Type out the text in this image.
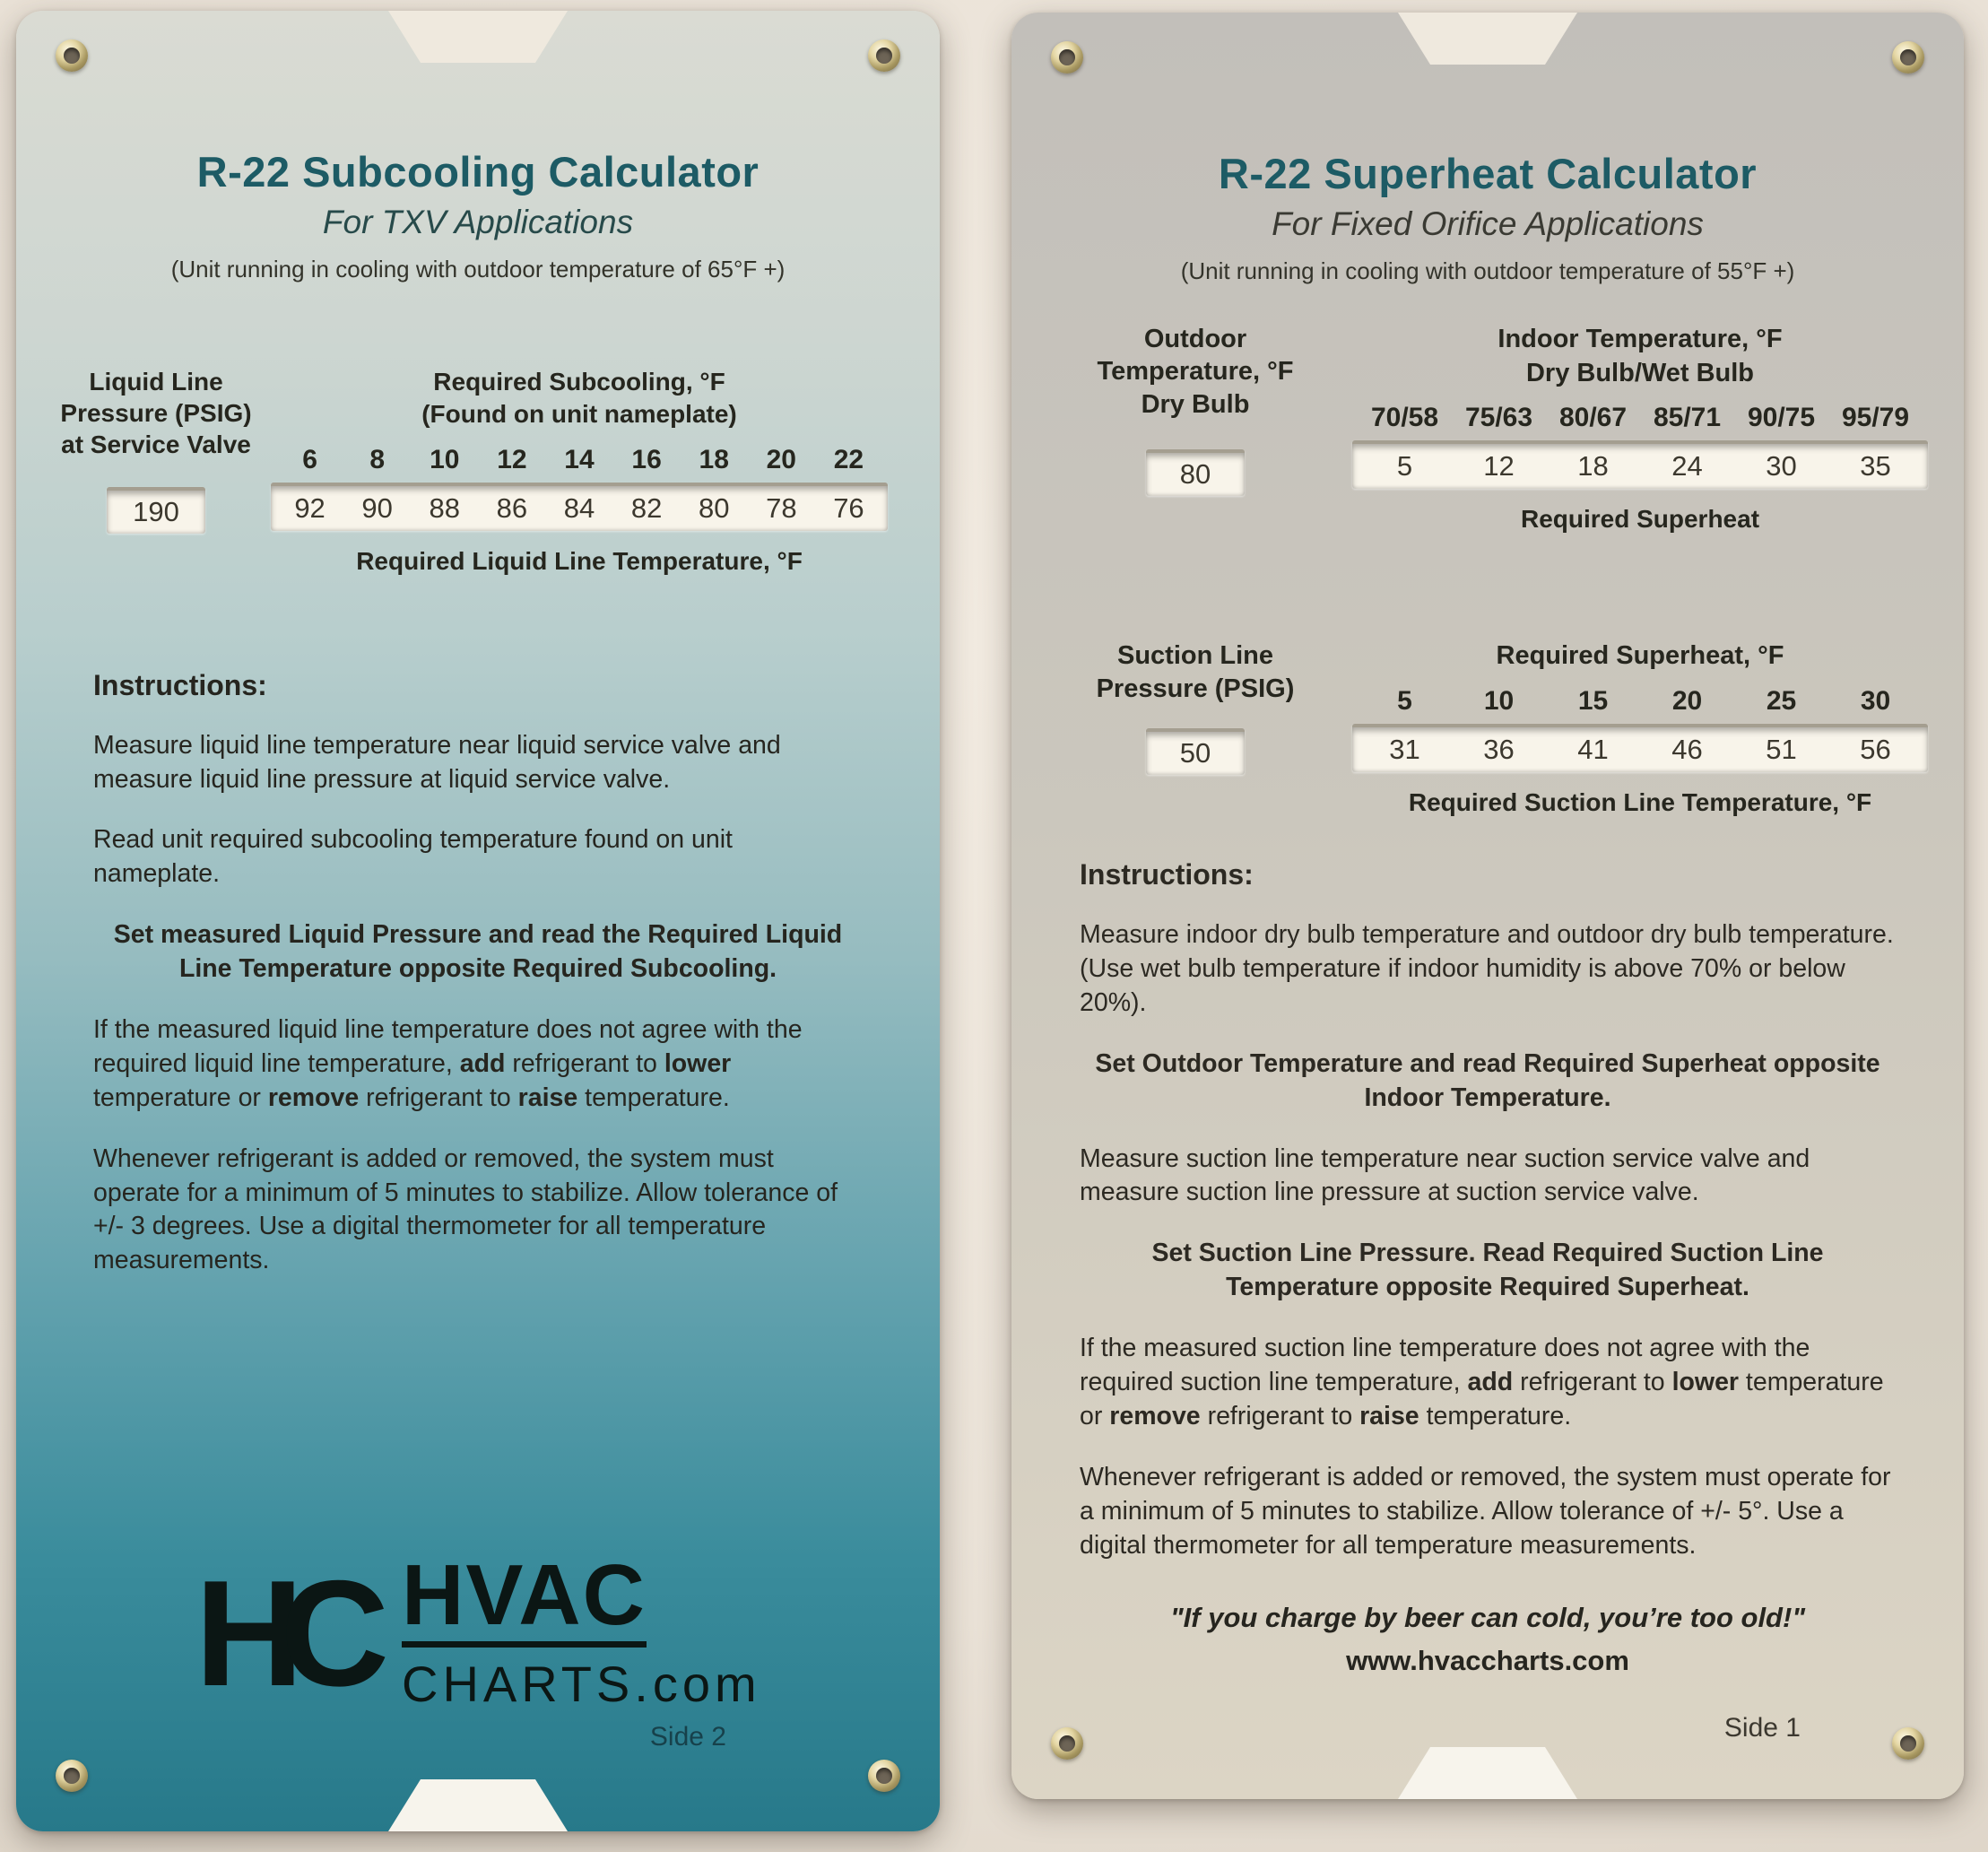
R-22 Subcooling Calculator
For TXV Applications
(Unit running in cooling with outdoor temperature of 65°F +)
Liquid Line
Pressure (PSIG)
at Service Valve
190
Required Subcooling, °F
(Found on unit nameplate)
6	8	10	12	14	16	18	20	22
92	90	88	86	84	82	80	78	76
Required Liquid Line Temperature, °F
Instructions:

Measure liquid line temperature near liquid service valve and measure liquid line pressure at liquid service valve.

Read unit required subcooling temperature found on unit nameplate.

Set measured Liquid Pressure and read the Required Liquid Line Temperature opposite Required Subcooling.

If the measured liquid line temperature does not agree with the required liquid line temperature, add refrigerant to lower temperature or remove refrigerant to raise temperature.

Whenever refrigerant is added or removed, the system must operate for a minimum of 5 minutes to stabilize. Allow tolerance of +/- 3 degrees. Use a digital thermometer for all temperature measurements.

HC HVAC
CHARTS.com
Side 2
R-22 Superheat Calculator
For Fixed Orifice Applications
(Unit running in cooling with outdoor temperature of 55°F +)
Outdoor
Temperature, °F
Dry Bulb
80
Indoor Temperature, °F
Dry Bulb/Wet Bulb
70/58 75/63 80/67 85/71 90/75 95/79
5	12	18	24	30	35
Required Superheat
Suction Line
Pressure (PSIG)
50
Required Superheat, °F
5	10	15	20	25	30
31	36	41	46	51	56
Required Suction Line Temperature, °F
Instructions:

Measure indoor dry bulb temperature and outdoor dry bulb temperature. (Use wet bulb temperature if indoor humidity is above 70% or below 20%).

Set Outdoor Temperature and read Required Superheat opposite Indoor Temperature.

Measure suction line temperature near suction service valve and measure suction line pressure at suction service valve.

Set Suction Line Pressure. Read Required Suction Line Temperature opposite Required Superheat.

If the measured suction line temperature does not agree with the required suction line temperature, add refrigerant to lower temperature or remove refrigerant to raise temperature.

Whenever refrigerant is added or removed, the system must operate for a minimum of 5 minutes to stabilize. Allow tolerance of +/- 5°. Use a digital thermometer for all temperature measurements.

"If you charge by beer can cold, you’re too old!"
www.hvaccharts.com
Side 1
